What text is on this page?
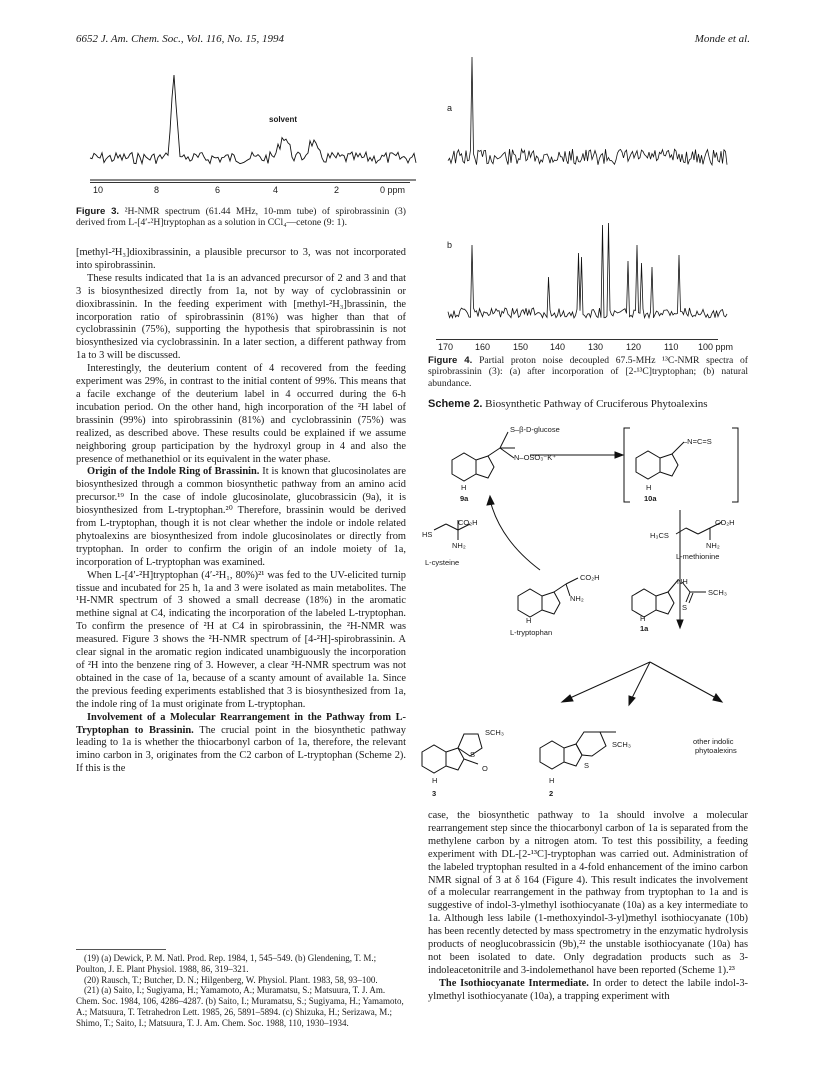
6652 J. Am. Chem. Soc., Vol. 116, No. 15, 1994	Monde et al.
solvent
10	8	6	4	2	0 ppm
Figure 3. ²H-NMR spectrum (61.44 MHz, 10-mm tube) of spirobrassinin (3) derived from L-[4′-²H]tryptophan as a solution in CCl₄—cetone (9: 1).

[methyl-²H₃]dioxibrassinin, a plausible precursor to 3, was not incorporated into spirobrassinin.

These results indicated that 1a is an advanced precursor of 2 and 3 and that 3 is biosynthesized directly from 1a, not by way of cyclobrassinin or dioxibrassinin. In the feeding experiment with [methyl-²H₃]brassinin, the incorporation ratio of spirobrassinin (81%) was higher than that of cyclobrassinin (75%), supporting the hypothesis that spirobrassinin is not biosynthesized via cyclobrassinin. In a later section, a different pathway from 1a to 3 will be discussed.

Interestingly, the deuterium content of 4 recovered from the feeding experiment was 29%, in contrast to the initial content of 99%. This means that a facile exchange of the deuterium label in 4 occurred during the 6-h incubation period. On the other hand, high incorporation of the ²H label of brassinin (99%) into spirobrassinin (81%) and cyclobrassinin (75%) was realized, as described above. These results could be explained if we assume neighboring group participation by the hydroxyl group in 4 and also the presence of methanethiol or its equivalent in the water phase.

Origin of the Indole Ring of Brassinin. It is known that glucosinolates are biosynthesized through a common biosynthetic pathway from an amino acid precursor.¹⁹ In the case of indole glucosinolate, glucobrassicin (9a), it is biosynthesized from L-tryptophan.²⁰ Therefore, brassinin would be derived from L-tryptophan, though it is not clear whether the indole or indole related phytoalexins are biosynthesized from indole glucosinolates or directly from tryptophan. In order to confirm the origin of an indole moiety of 1a, incorporation of L-tryptophan was examined.

When L-[4′-²H]tryptophan (4′-²H₁, 80%)²¹ was fed to the UV-elicited turnip tissue and incubated for 25 h, 1a and 3 were isolated as main metabolites. The ¹H-NMR spectrum of 3 showed a small decrease (18%) in the aromatic methine signal at C4, indicating the incorporation of the labeled L-tryptophan. To confirm the presence of ²H at C4 in spirobrassinin, the ²H-NMR was measured. Figure 3 shows the ²H-NMR spectrum of [4-²H]-spirobrassinin. A clear signal in the aromatic region indicated unambiguously the incorporation of ²H into the benzene ring of 3. However, a clear ²H-NMR spectrum was not obtained in the case of 1a, because of a scanty amount of available 1a. Since the previous feeding experiments established that 3 is biosynthesized from 1a, the indole ring of 1a must originate from L-tryptophan.

Involvement of a Molecular Rearrangement in the Pathway from L-Tryptophan to Brassinin. The crucial point in the biosynthetic pathway leading to 1a is whether the thiocarbonyl carbon of 1a, therefore, the relevant imino carbon in 3, originates from the C2 carbon of L-tryptophan (Scheme 2). If this is the

(19) (a) Dewick, P. M. Natl. Prod. Rep. 1984, 1, 545–549. (b) Glendening, T. M.; Poulton, J. E. Plant Physiol. 1988, 86, 319–321.

(20) Rausch, T.; Butcher, D. N.; Hilgenberg, W. Physiol. Plant. 1983, 58, 93–100.

(21) (a) Saito, I.; Sugiyama, H.; Yamamoto, A.; Muramatsu, S.; Matsuura, T. J. Am. Chem. Soc. 1984, 106, 4286–4287. (b) Saito, I.; Muramatsu, S.; Sugiyama, H.; Yamamoto, A.; Matsuura, T. Tetrahedron Lett. 1985, 26, 5891–5894. (c) Shizuka, H.; Serizawa, M.; Shimo, T.; Saito, I.; Matsuura, T. J. Am. Chem. Soc. 1988, 110, 1930–1934.

a
b
170 160	150 140	130	120	110 100 ppm
Figure 4. Partial proton noise decoupled 67.5-MHz ¹³C-NMR spectra of spirobrassinin (3): (a) after incorporation of [2-¹³C]tryptophan; (b) natural abundance.
Scheme 2. Biosynthetic Pathway of Cruciferous Phytoalexins
S–β-D-glucose
N–OSO₃⁻K⁺
–N=C=S
H
9a
H
10a
HS
CO₂H
NH₂
L-cysteine
H₃CS
CO₂H
NH₂
L-methionine
CO₂H
NH₂
H
L-tryptophan
NH
SCH₃
S
H
1a
SCH₃
S
O
H
3
SCH₃
S
H
2
other indolic
phytoalexins

case, the biosynthetic pathway to 1a should involve a molecular rearrangement step since the thiocarbonyl carbon of 1a is separated from the methylene carbon by a nitrogen atom. To test this possibility, a feeding experiment with DL-[2-¹³C]-tryptophan was carried out. Administration of the labeled tryptophan resulted in a 4-fold enhancement of the imino carbon NMR signal of 3 at δ 164 (Figure 4). This result indicates the involvement of a molecular rearrangement in the pathway from tryptophan to 1a and is suggestive of indol-3-ylmethyl isothiocyanate (10a) as a key intermediate to 1a. Although less labile (1-methoxyindol-3-yl)methyl isothiocyanate (10b) has been recently detected by mass spectrometry in the enzymatic hydrolysis products of neoglucobrassicin (9b),²² the unstable isothiocyanate (10a) has not been isolated to date. Only degradation products such as 3-indoleacetonitrile and 3-indolemethanol have been reported (Scheme 1).²³

The Isothiocyanate Intermediate. In order to detect the labile indol-3-ylmethyl isothiocyanate (10a), a trapping experiment with
